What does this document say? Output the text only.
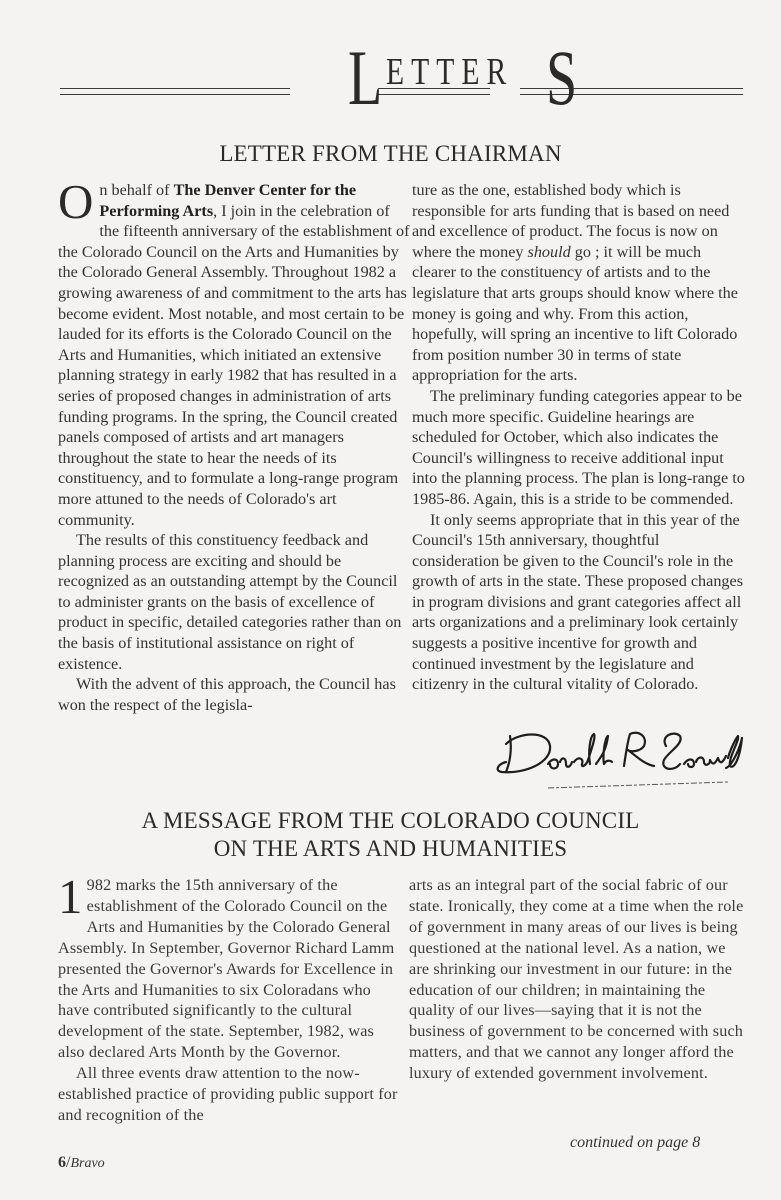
L ETTER S
LETTER FROM THE CHAIRMAN

On behalf of The Denver Center for the Performing Arts, I join in the celebration of the fifteenth anniversary of the establishment of the Colorado Council on the Arts and Humanities by the Colorado General Assembly. Throughout 1982 a growing awareness of and commitment to the arts has become evident. Most notable, and most certain to be lauded for its efforts is the Colorado Council on the Arts and Humanities, which initiated an extensive planning strategy in early 1982 that has resulted in a series of proposed changes in administration of arts funding programs. In the spring, the Council created panels composed of artists and art managers throughout the state to hear the needs of its constituency, and to formulate a long-range program more attuned to the needs of Colorado's art community.

The results of this constituency feedback and planning process are exciting and should be recognized as an outstanding attempt by the Council to administer grants on the basis of excellence of product in specific, detailed categories rather than on the basis of institutional assistance on right of existence.

With the advent of this approach, the Council has won the respect of the legisla-

ture as the one, established body which is responsible for arts funding that is based on need and excellence of product. The focus is now on where the money should go ; it will be much clearer to the constituency of artists and to the legislature that arts groups should know where the money is going and why. From this action, hopefully, will spring an incentive to lift Colorado from position number 30 in terms of state appropriation for the arts.

The preliminary funding categories appear to be much more specific. Guideline hearings are scheduled for October, which also indicates the Council's willingness to receive additional input into the planning process. The plan is long-range to 1985-86. Again, this is a stride to be commended.

It only seems appropriate that in this year of the Council's 15th anniversary, thoughtful consideration be given to the Council's role in the growth of arts in the state. These proposed changes in program divisions and grant categories affect all arts organizations and a preliminary look certainly suggests a positive incentive for growth and continued investment by the legislature and citizenry in the cultural vitality of Colorado.

A MESSAGE FROM THE COLORADO COUNCIL
ON THE ARTS AND HUMANITIES

1 982 marks the 15th anniversary of the establishment of the Colorado Council on the Arts and Humanities by the Colorado General Assembly. In September, Governor Richard Lamm presented the Governor's Awards for Excellence in the Arts and Humanities to six Coloradans who have contributed significantly to the cultural development of the state. September, 1982, was also declared Arts Month by the Governor.

All three events draw attention to the now-established practice of providing public support for and recognition of the

arts as an integral part of the social fabric of our state. Ironically, they come at a time when the role of government in many areas of our lives is being questioned at the national level. As a nation, we are shrinking our investment in our future: in the education of our children; in maintaining the quality of our lives—saying that it is not the business of government to be concerned with such matters, and that we cannot any longer afford the luxury of extended government involvement.

continued on page 8
6/Bravo
